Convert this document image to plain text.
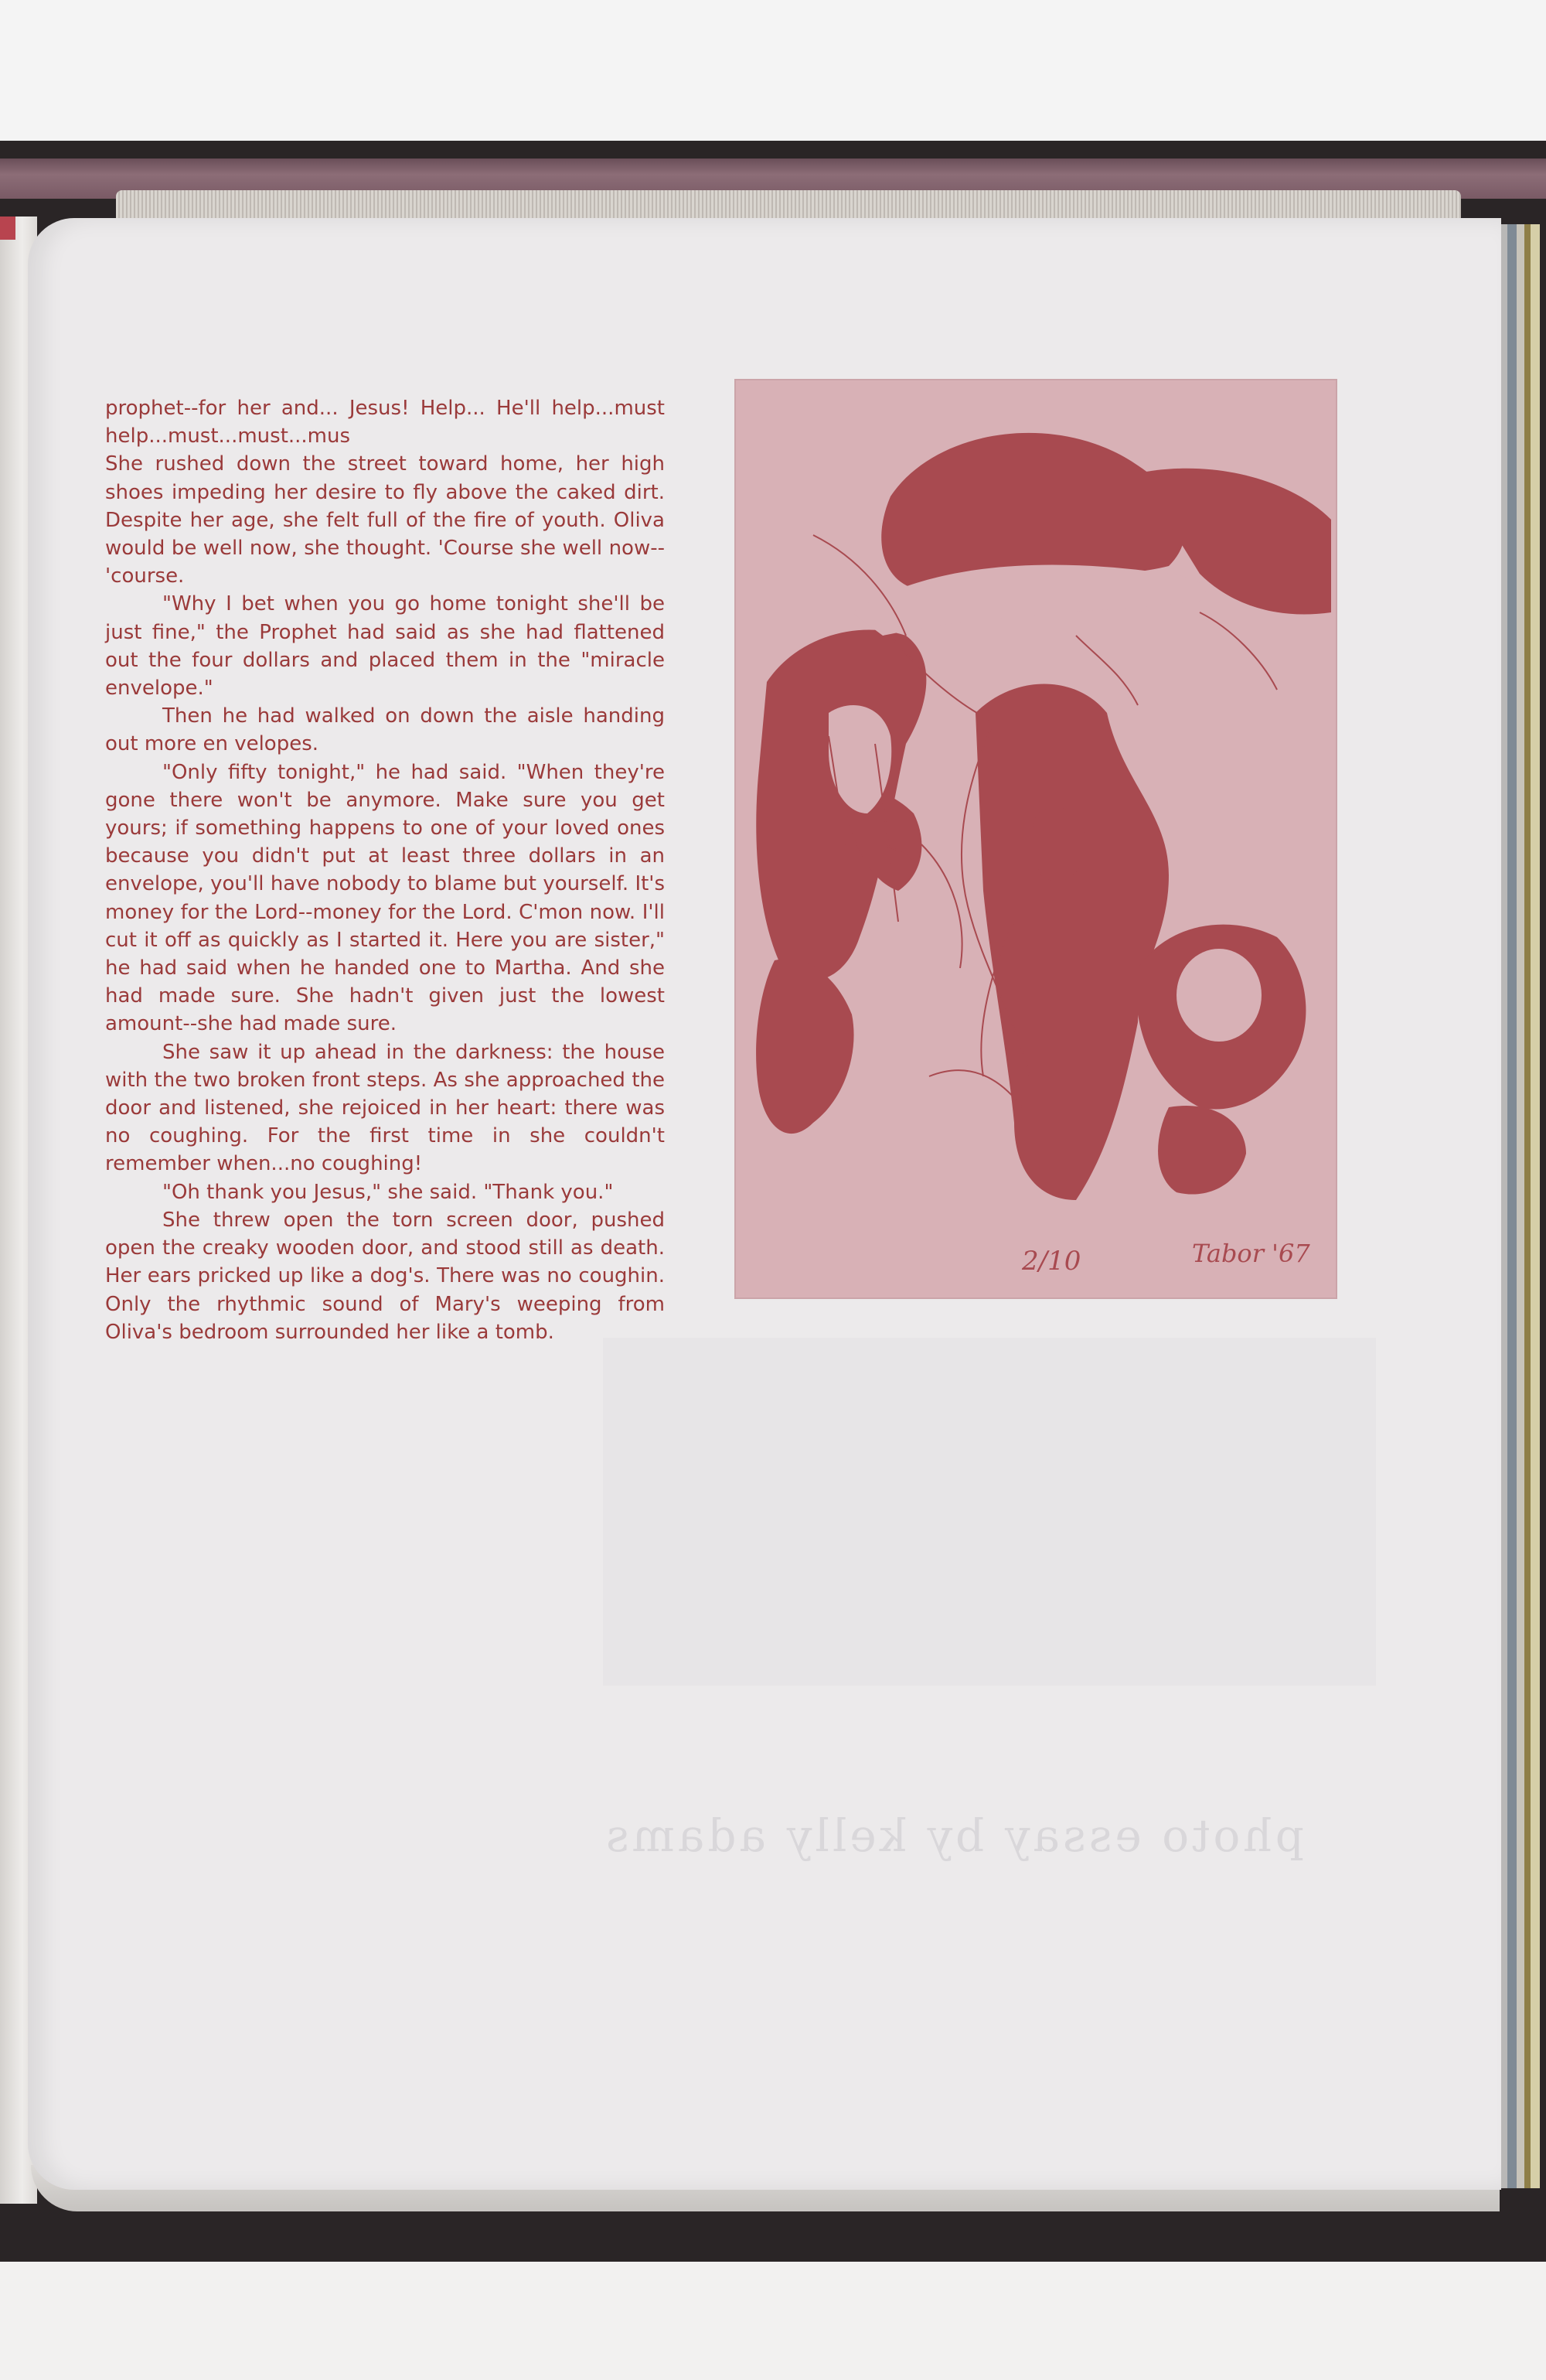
photo essay by kelly adams

prophet--for her and... Jesus! Help... He'll help...must help...must...must...mus

She rushed down the street toward home, her high shoes impeding her desire to fly above the caked dirt. Despite her age, she felt full of the fire of youth. Oliva would be well now, she thought. 'Course she well now--'course.

"Why I bet when you go home tonight she'll be just fine," the Prophet had said as she had flattened out the four dollars and placed them in the "miracle envelope."

Then he had walked on down the aisle handing out more en velopes.

"Only fifty tonight," he had said. "When they're gone there won't be anymore. Make sure you get yours; if something happens to one of your loved ones because you didn't put at least three dollars in an envelope, you'll have nobody to blame but yourself. It's money for the Lord--money for the Lord. C'mon now. I'll cut it off as quickly as I started it. Here you are sister," he had said when he handed one to Martha. And she had made sure. She hadn't given just the lowest amount--she had made sure.

She saw it up ahead in the darkness: the house with the two broken front steps. As she approached the door and listened, she rejoiced in her heart: there was no coughing. For the first time in she couldn't remember when...no coughing!

"Oh thank you Jesus," she said. "Thank you."

She threw open the torn screen door, pushed open the creaky wooden door, and stood still as death. Her ears pricked up like a dog's. There was no coughin. Only the rhythmic sound of Mary's weeping from Oliva's bedroom surrounded her like a tomb.

2/10	Tabor '67
